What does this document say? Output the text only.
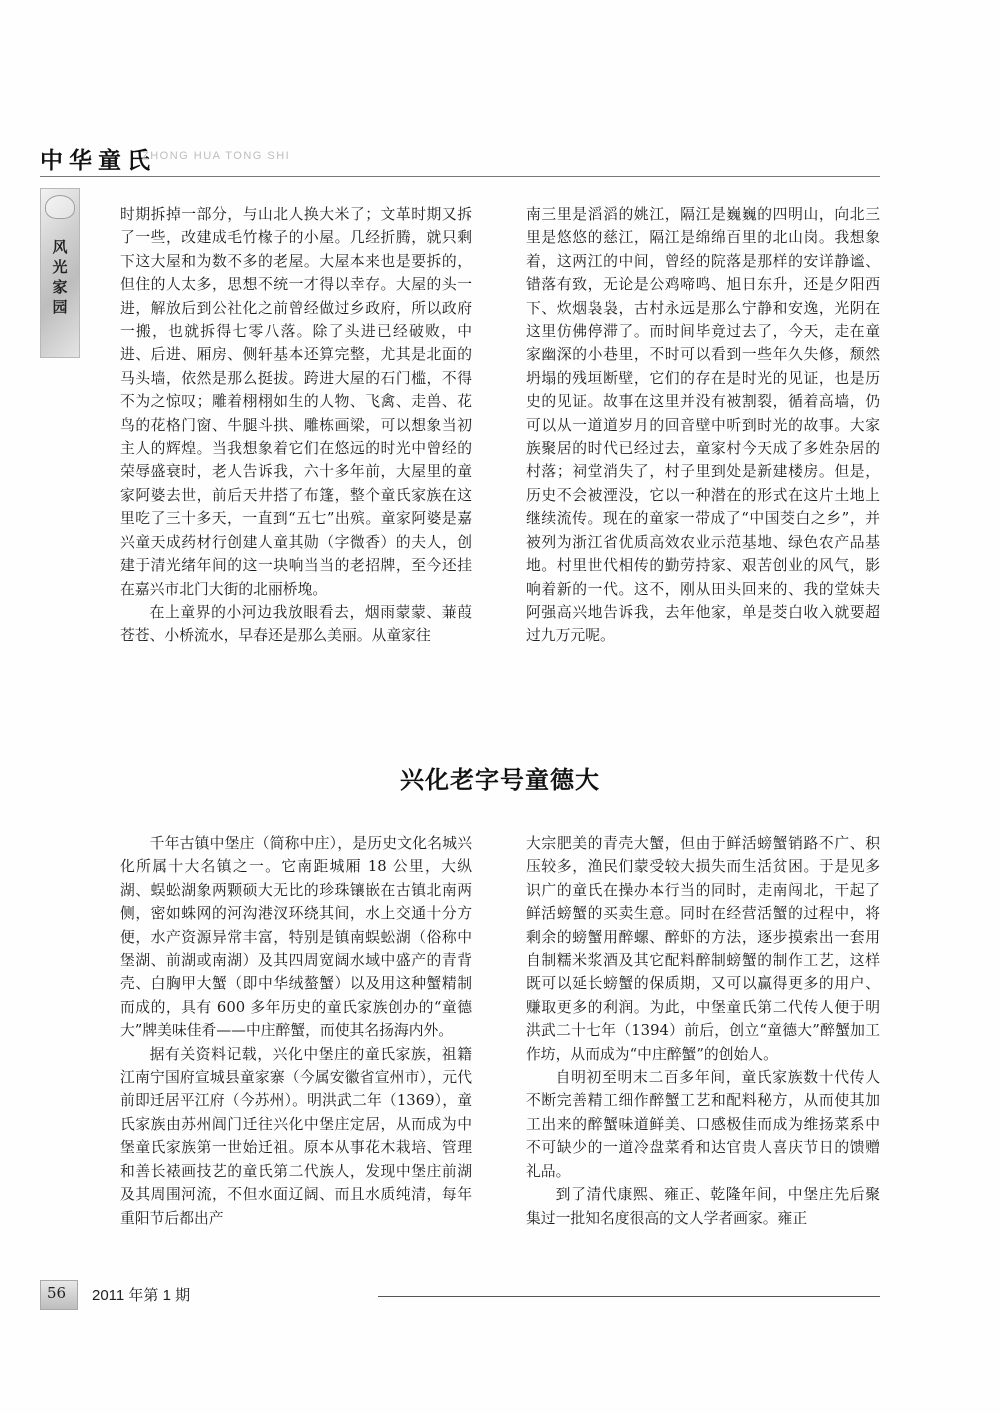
中华童氏
ZHONG HUA TONG SHI
风光家园

时期拆掉一部分，与山北人换大米了；文革时期又拆了一些，改建成毛竹椽子的小屋。几经折腾，就只剩下这大屋和为数不多的老屋。大屋本来也是要拆的，但住的人太多，思想不统一才得以幸存。大屋的头一进，解放后到公社化之前曾经做过乡政府，所以政府一搬，也就拆得七零八落。除了头进已经破败，中进、后进、厢房、侧轩基本还算完整，尤其是北面的马头墙，依然是那么挺拔。跨进大屋的石门槛，不得不为之惊叹；雕着栩栩如生的人物、飞禽、走兽、花鸟的花格门窗、牛腿斗拱、雕栋画梁，可以想象当初主人的辉煌。当我想象着它们在悠远的时光中曾经的荣辱盛衰时，老人告诉我，六十多年前，大屋里的童家阿婆去世，前后天井搭了布篷，整个童氏家族在这里吃了三十多天，一直到“五七”出殡。童家阿婆是嘉兴童天成药材行创建人童其勋（字微香）的夫人，创建于清光绪年间的这一块响当当的老招牌，至今还挂在嘉兴市北门大街的北丽桥堍。

在上童界的小河边我放眼看去，烟雨蒙蒙、蒹葭苍苍、小桥流水，早春还是那么美丽。从童家往

南三里是滔滔的姚江，隔江是巍巍的四明山，向北三里是悠悠的慈江，隔江是绵绵百里的北山岗。我想象着，这两江的中间，曾经的院落是那样的安详静谧、错落有致，无论是公鸡啼鸣、旭日东升，还是夕阳西下、炊烟袅袅，古村永远是那么宁静和安逸，光阴在这里仿佛停滞了。而时间毕竟过去了，今天，走在童家幽深的小巷里，不时可以看到一些年久失修，颓然坍塌的残垣断壁，它们的存在是时光的见证，也是历史的见证。故事在这里并没有被割裂，循着高墙，仍可以从一道道岁月的回音壁中听到时光的故事。大家族聚居的时代已经过去，童家村今天成了多姓杂居的村落；祠堂消失了，村子里到处是新建楼房。但是，历史不会被湮没，它以一种潜在的形式在这片土地上继续流传。现在的童家一带成了“中国茭白之乡”，并被列为浙江省优质高效农业示范基地、绿色农产品基地。村里世代相传的勤劳持家、艰苦创业的风气，影响着新的一代。这不，刚从田头回来的、我的堂妹夫阿强高兴地告诉我，去年他家，单是茭白收入就要超过九万元呢。

兴化老字号童德大

千年古镇中堡庄（简称中庄），是历史文化名城兴化所属十大名镇之一。它南距城厢 18 公里，大纵湖、蜈蚣湖象两颗硕大无比的珍珠镶嵌在古镇北南两侧，密如蛛网的河沟港汊环绕其间，水上交通十分方便，水产资源异常丰富，特别是镇南蜈蚣湖（俗称中堡湖、前湖或南湖）及其四周宽阔水域中盛产的青背壳、白胸甲大蟹（即中华绒螯蟹）以及用这种蟹精制而成的，具有 600 多年历史的童氏家族创办的“童德大”牌美味佳肴——中庄醉蟹，而使其名扬海内外。

据有关资料记载，兴化中堡庄的童氏家族，祖籍江南宁国府宣城县童家寨（今属安徽省宣州市），元代前即迁居平江府（今苏州）。明洪武二年（1369），童氏家族由苏州阊门迁往兴化中堡庄定居，从而成为中堡童氏家族第一世始迁祖。原本从事花木栽培、管理和善长裱画技艺的童氏第二代族人，发现中堡庄前湖及其周围河流，不但水面辽阔、而且水质纯清，每年重阳节后都出产

大宗肥美的青壳大蟹，但由于鲜活螃蟹销路不广、积压较多，渔民们蒙受较大损失而生活贫困。于是见多识广的童氏在操办本行当的同时，走南闯北，干起了鲜活螃蟹的买卖生意。同时在经营活蟹的过程中，将剩余的螃蟹用醉螺、醉虾的方法，逐步摸索出一套用自制糯米浆酒及其它配料醉制螃蟹的制作工艺，这样既可以延长螃蟹的保质期，又可以赢得更多的用户、赚取更多的利润。为此，中堡童氏第二代传人便于明洪武二十七年（1394）前后，创立“童德大”醉蟹加工作坊，从而成为“中庄醉蟹”的创始人。

自明初至明末二百多年间，童氏家族数十代传人不断完善精工细作醉蟹工艺和配料秘方，从而使其加工出来的醉蟹味道鲜美、口感极佳而成为维扬菜系中不可缺少的一道冷盘菜肴和达官贵人喜庆节日的馈赠礼品。

到了清代康熙、雍正、乾隆年间，中堡庄先后聚集过一批知名度很高的文人学者画家。雍正

56 2011 年第 1 期
